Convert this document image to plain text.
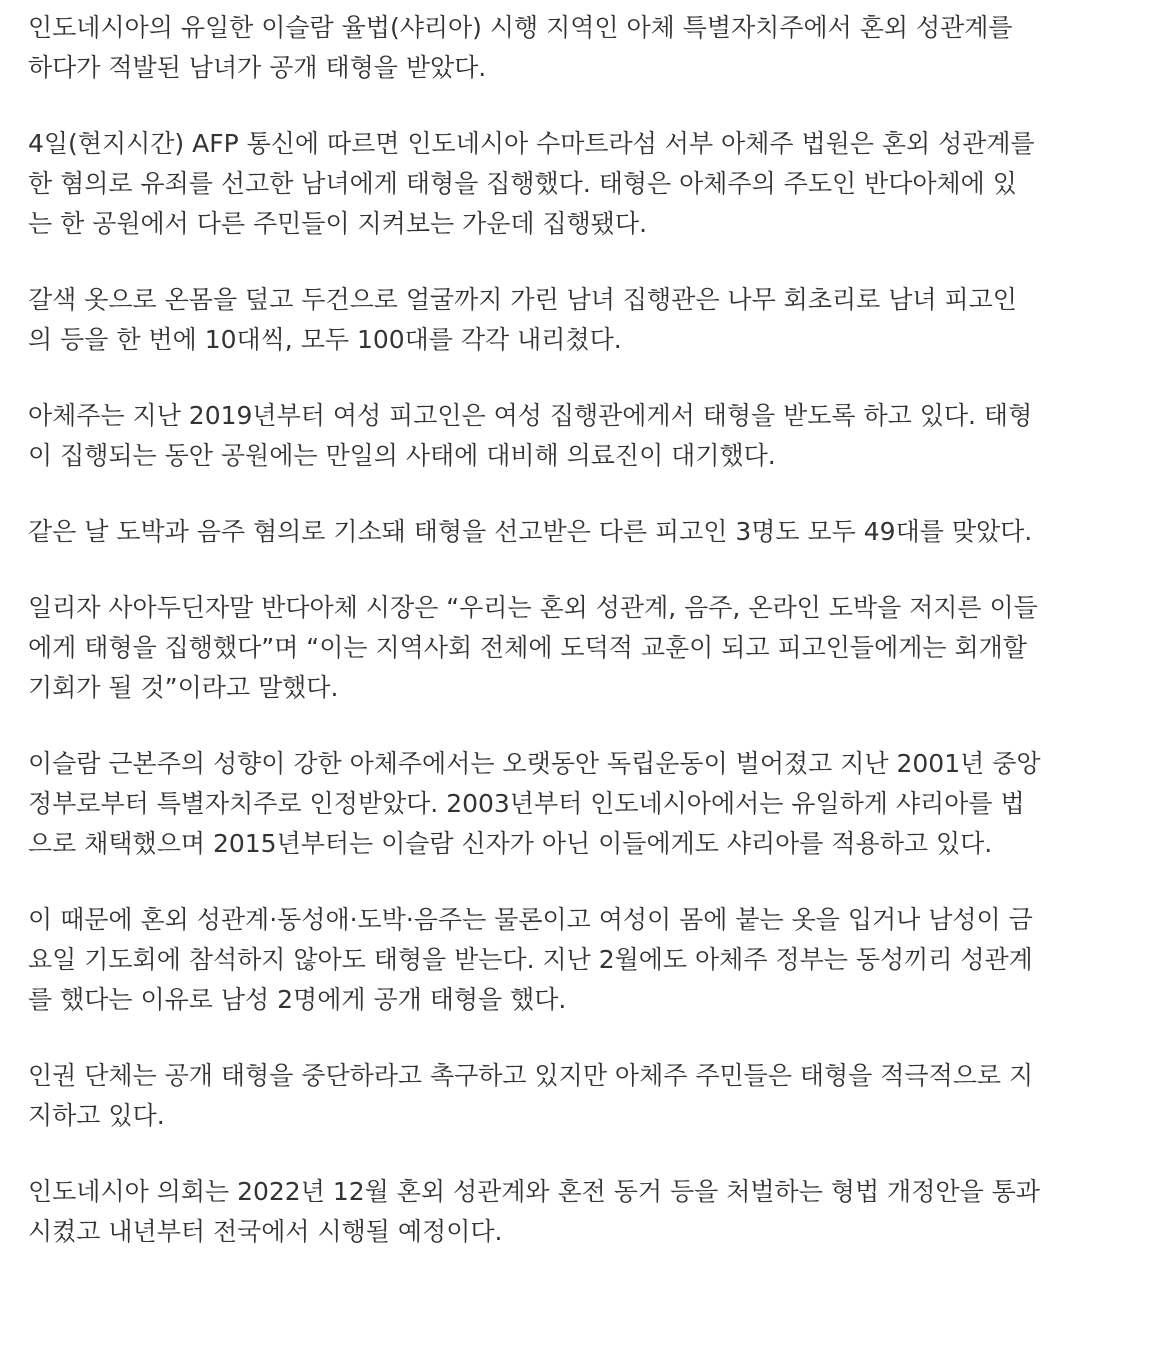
인도네시아의 유일한 이슬람 율법(샤리아) 시행 지역인 아체 특별자치주에서 혼외 성관계를
하다가 적발된 남녀가 공개 태형을 받았다.

4일(현지시간) AFP 통신에 따르면 인도네시아 수마트라섬 서부 아체주 법원은 혼외 성관계를
한 혐의로 유죄를 선고한 남녀에게 태형을 집행했다. 태형은 아체주의 주도인 반다아체에 있
는 한 공원에서 다른 주민들이 지켜보는 가운데 집행됐다.

갈색 옷으로 온몸을 덮고 두건으로 얼굴까지 가린 남녀 집행관은 나무 회초리로 남녀 피고인
의 등을 한 번에 10대씩, 모두 100대를 각각 내리쳤다.

아체주는 지난 2019년부터 여성 피고인은 여성 집행관에게서 태형을 받도록 하고 있다. 태형
이 집행되는 동안 공원에는 만일의 사태에 대비해 의료진이 대기했다.

같은 날 도박과 음주 혐의로 기소돼 태형을 선고받은 다른 피고인 3명도 모두 49대를 맞았다.

일리자 사아두딘자말 반다아체 시장은 “우리는 혼외 성관계, 음주, 온라인 도박을 저지른 이들
에게 태형을 집행했다”며 “이는 지역사회 전체에 도덕적 교훈이 되고 피고인들에게는 회개할
기회가 될 것”이라고 말했다.

이슬람 근본주의 성향이 강한 아체주에서는 오랫동안 독립운동이 벌어졌고 지난 2001년 중앙
정부로부터 특별자치주로 인정받았다. 2003년부터 인도네시아에서는 유일하게 샤리아를 법
으로 채택했으며 2015년부터는 이슬람 신자가 아닌 이들에게도 샤리아를 적용하고 있다.

이 때문에 혼외 성관계·동성애·도박·음주는 물론이고 여성이 몸에 붙는 옷을 입거나 남성이 금
요일 기도회에 참석하지 않아도 태형을 받는다. 지난 2월에도 아체주 정부는 동성끼리 성관계
를 했다는 이유로 남성 2명에게 공개 태형을 했다.

인권 단체는 공개 태형을 중단하라고 촉구하고 있지만 아체주 주민들은 태형을 적극적으로 지
지하고 있다.

인도네시아 의회는 2022년 12월 혼외 성관계와 혼전 동거 등을 처벌하는 형법 개정안을 통과
시켰고 내년부터 전국에서 시행될 예정이다.
